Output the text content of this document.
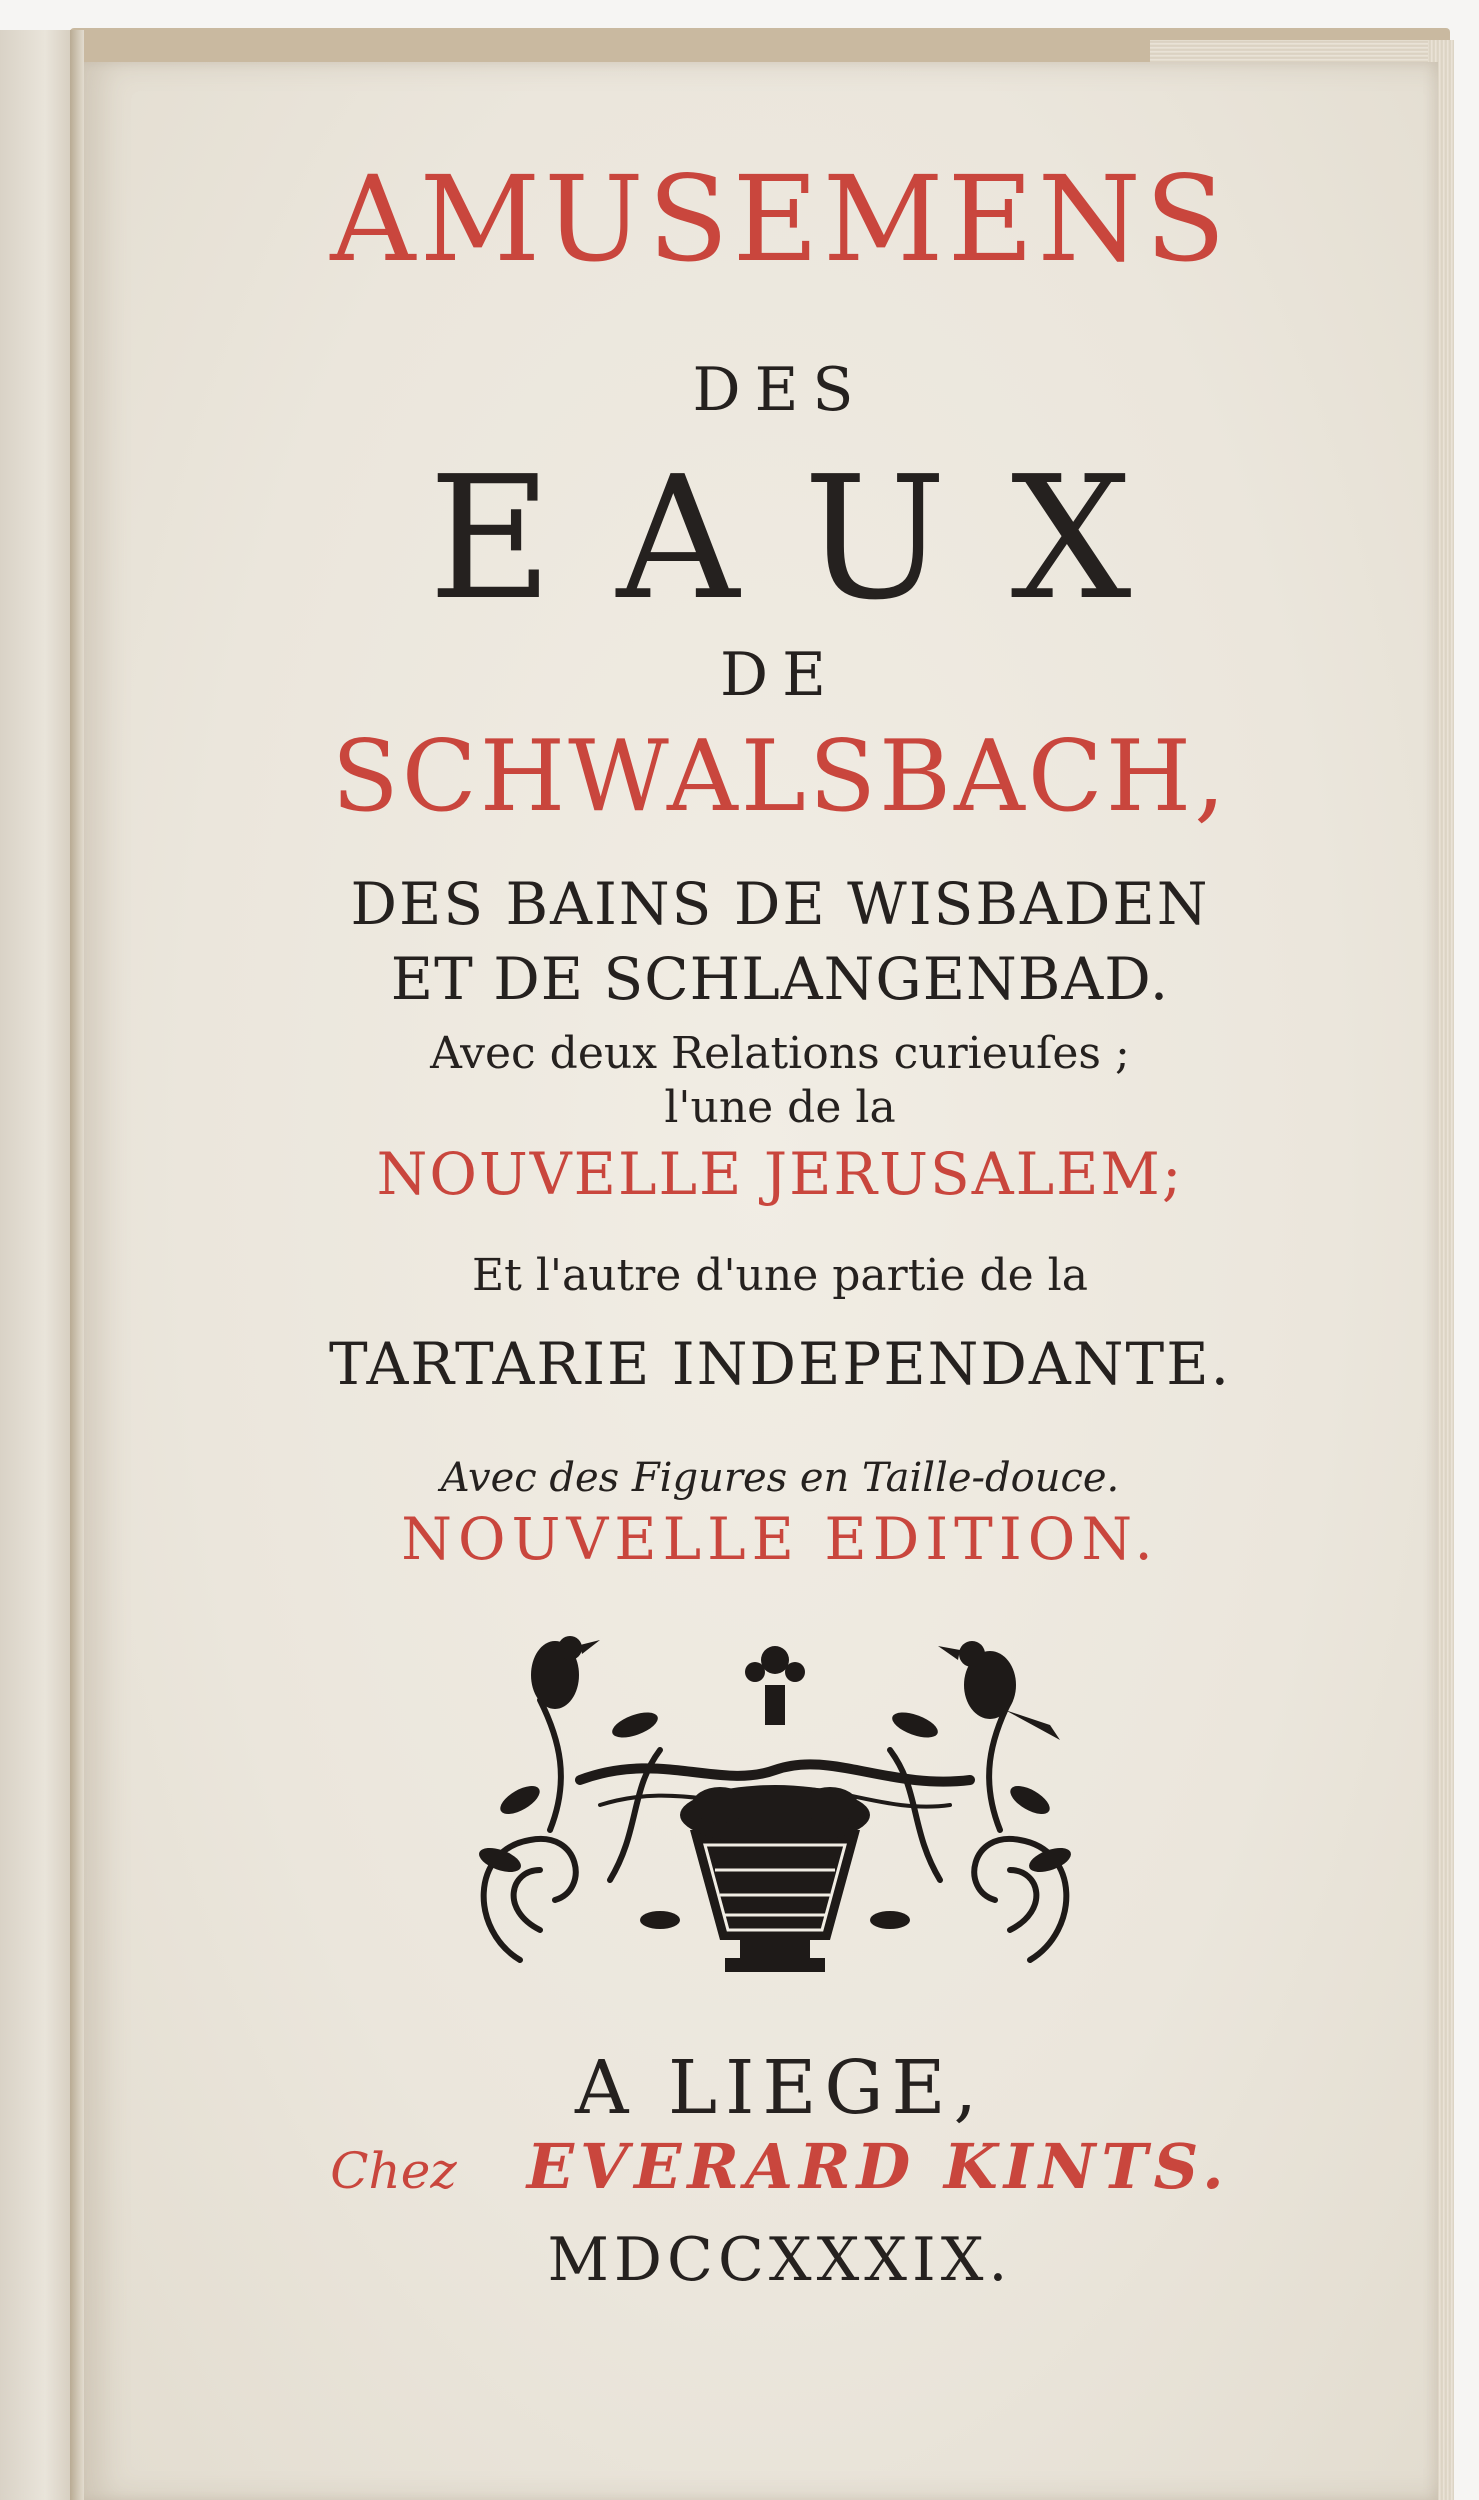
AMUSEMENS
DES
E A U X
DE
SCHWALSBACH,
DES BAINS DE WISBADEN
ET DE SCHLANGENBAD.
Avec deux Relations curieuſes ;
l'une de la
NOUVELLE JERUSALEM;
Et l'autre d'une partie de la
TARTARIE INDEPENDANTE.
Avec des Figures en Taille-douce.
NOUVELLE EDITION.
A LIEGE,
Chez EVERARD KINTS.
MDCCXXXIX.
